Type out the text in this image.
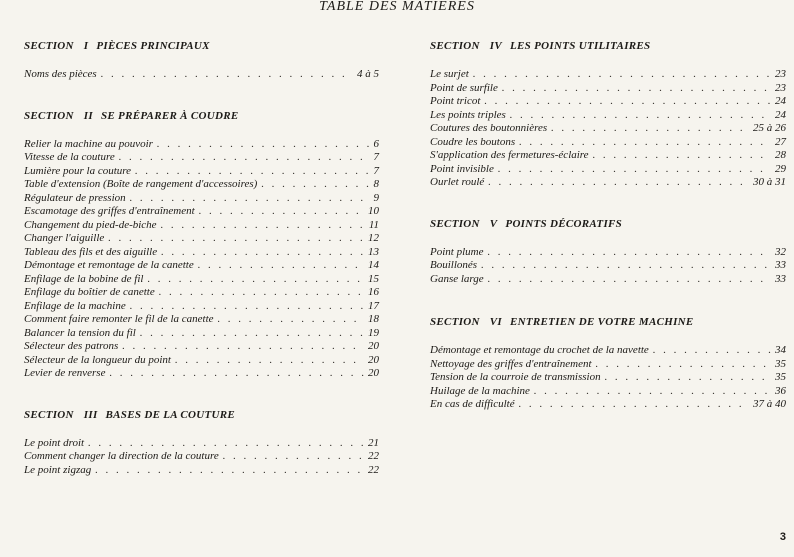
TABLE DES MATIERES
SECTION I PIÈCES PRINCIPAUX
Noms des pièces . . .	4 à 5
SECTION II SE PRÉPARER À COUDRE
Relier la machine au pouvoir . . .	6
Vitesse de la couture . . .	7
Lumière pour la couture . . .	7
Table d'extension (Boîte de rangement d'accessoires) . . .	8
Régulateur de pression . . .	9
Escamotage des griffes d'entraînement . . .	10
Changement du pied-de-biche . . .	11
Changer l'aiguille . . .	12
Tableau des fils et des aiguille . . .	13
Démontage et remontage de la canette . . .	14
Enfilage de la bobine de fil . . .	15
Enfilage du boîtier de canette . . .	16
Enfilage de la machine . . .	17
Comment faire remonter le fil de la canette . . .	18
Balancer la tension du fil . . .	19
Sélecteur des patrons . . .	20
Sélecteur de la longueur du point . . .	20
Levier de renverse . . .	20
SECTION III BASES DE LA COUTURE
Le point droit . . .	21
Comment changer la direction de la couture . . .	22
Le point zigzag . . .	22
SECTION IV LES POINTS UTILITAIRES
Le surjet . . .	23
Point de surfile . . .	23
Point tricot . . .	24
Les points triples . . .	24
Coutures des boutonnières . . .	25 à 26
Coudre les boutons . . .	27
S'application des fermetures-éclaire . . .	28
Point invisible . . .	29
Ourlet roulé . . .	30 à 31
SECTION V POINTS DÉCORATIFS
Point plume . . .	32
Bouillonés . . .	33
Ganse large . . .	33
SECTION VI ENTRETIEN DE VOTRE MACHINE
Démontage et remontage du crochet de la navette . . .	34
Nettoyage des griffes d'entraînement . . .	35
Tension de la courroie de transmission . . .	35
Huilage de la machine . . .	36
En cas de difficulté . . .	37 à 40
3
